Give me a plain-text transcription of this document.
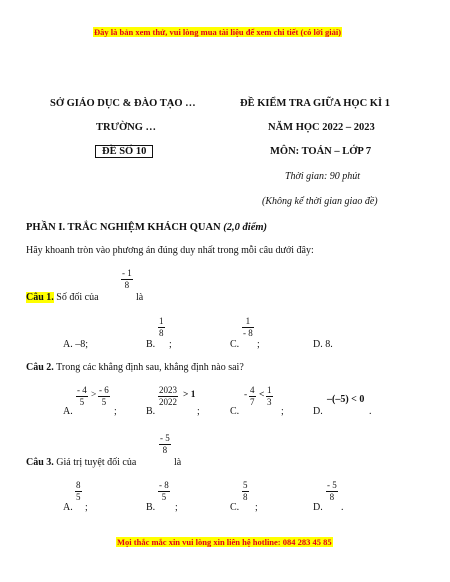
Đây là bản xem thử, vui lòng mua tài liệu để xem chi tiết (có lời giải)
SỞ GIÁO DỤC & ĐÀO TẠO …
TRƯỜNG …
ĐỀ SỐ 10
ĐỀ KIỂM TRA GIỮA HỌC KÌ 1
NĂM HỌC 2022 – 2023
MÔN: TOÁN – LỚP 7
Thời gian: 90 phút
(Không kể thời gian giao đề)
PHẦN I. TRẮC NGHIỆM KHÁCH QUAN (2,0 điểm)
Hãy khoanh tròn vào phương án đúng duy nhất trong mỗi câu dưới đây:
- 1
8
Câu 1. Số đối của	là
A. –8;	B.
1
8
;	C.
1
- 8
;	D. 8.
Câu 2. Trong các khẳng định sau, khẳng định nào sai?
A.
- 4
5
> - 6
5
;	B.
2023
2022
> 1
;	C.
- 4
7
< 1
3
;	D.
–(–5) < 0
.
- 5
8
Câu 3. Giá trị tuyệt đối của	là
A.
8
5
;	B.
- 8
5
;	C.
5
8
;	D.
- 5
8
.
Mọi thắc mắc xin vui lòng xin liên hệ hotline: 084 283 45 85
